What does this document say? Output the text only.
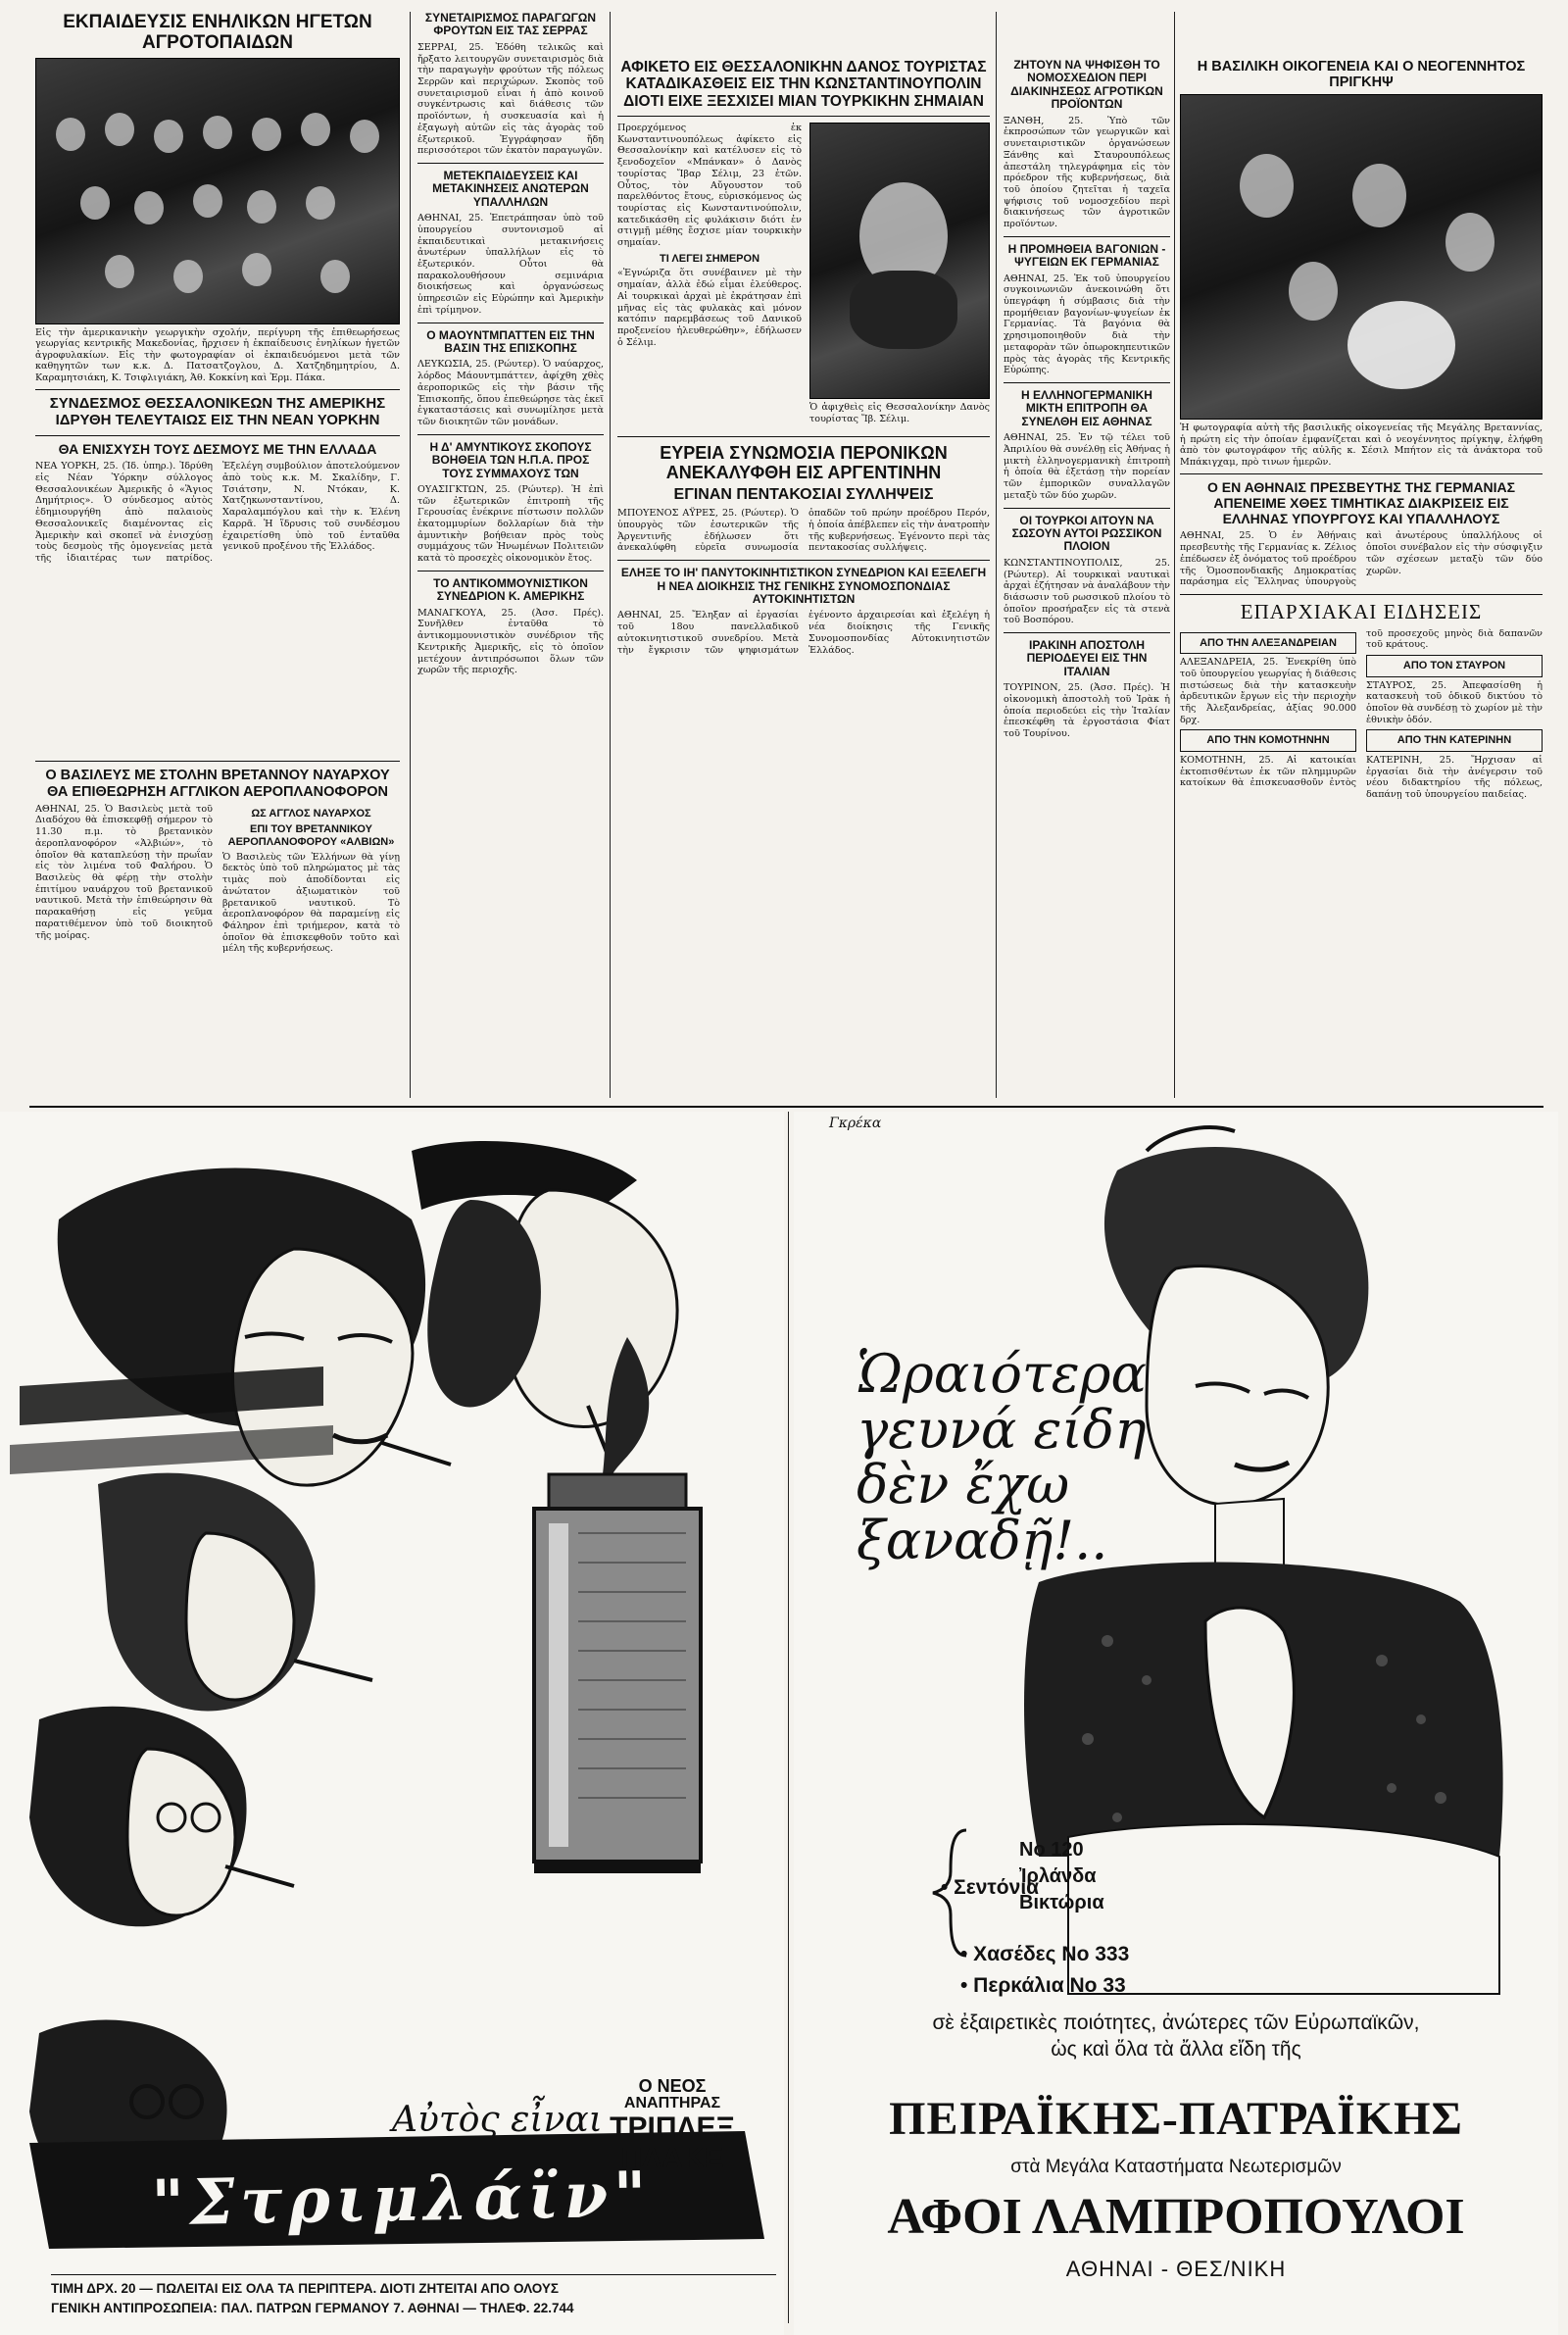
ΕΚΠΑΙΔΕΥΣΙΣ ΕΝΗΛΙΚΩΝ ΗΓΕΤΩΝ ΑΓΡΟΤΟΠΑΙΔΩΝ
Εἰς τὴν ἀμερικανικὴν γεωργικὴν σχολήν, περίγυρη τῆς ἐπιθεωρήσεως γεωργίας κεντρικῆς Μακεδονίας, ἤρχισεν ἡ ἐκπαίδευσις ἐνηλίκων ἠγετῶν ἀγροφυλακίων. Εἰς τὴν φωτογραφίαν οἱ ἐκπαιδευόμενοι μετὰ τῶν καθηγητῶν των κ.κ. Δ. Πατσατζογλου, Δ. Χατζηδημητρίου, Δ. Καραμητσιάκη, Κ. Τσιφλιγιάκη, Ἀθ. Κοκκίνη καὶ Ἑρμ. Πάκα.
ΣΥΝΔΕΣΜΟΣ ΘΕΣΣΑΛΟΝΙΚΕΩΝ ΤΗΣ ΑΜΕΡΙΚΗΣ ΙΔΡΥΘΗ ΤΕΛΕΥΤΑΙΩΣ ΕΙΣ ΤΗΝ ΝΕΑΝ ΥΟΡΚΗΝ
ΘΑ ΕΝΙΣΧΥΣΗ ΤΟΥΣ ΔΕΣΜΟΥΣ ΜΕ ΤΗΝ ΕΛΛΑΔΑ
ΝΕΑ ΥΟΡΚΗ, 25. (Ἰδ. ὑπηρ.). Ἰδρύθη εἰς Νέαν Ὑόρκην σύλλογος Θεσσαλονικέων Ἀμερικῆς ὁ «Ἅγιος Δημήτριος». Ὁ σύνδεσμος αὐτὸς ἐδημιουργήθη ἀπὸ παλαιοὺς Θεσσαλονικεῖς διαμένοντας εἰς Ἀμερικὴν καὶ σκοπεῖ νὰ ἐνισχύσῃ τοὺς δεσμοὺς τῆς ὁμογενείας μετὰ τῆς ἰδιαιτέρας των πατρίδος. Ἐξελέγη συμβούλιον ἀποτελούμενον ἀπὸ τοὺς κ.κ. Μ. Σκαλίδην, Γ. Τσιάτσην, Ν. Ντόκαν, Κ. Χατζηκωνσταντίνου, Δ. Χαραλαμπόγλου καὶ τὴν κ. Ἑλένη Καρρᾶ. Ἡ ἵδρυσις τοῦ συνδέσμου ἐχαιρετίσθη ὑπὸ τοῦ ἐνταῦθα γενικοῦ προξένου τῆς Ἑλλάδος.
Ο ΒΑΣΙΛΕΥΣ ΜΕ ΣΤΟΛΗΝ ΒΡΕΤΑΝΝΟΥ ΝΑΥΑΡΧΟΥ ΘΑ ΕΠΙΘΕΩΡΗΣΗ ΑΓΓΛΙΚΟΝ ΑΕΡΟΠΛΑΝΟΦΟΡΟΝ
ΑΘΗΝΑΙ, 25. Ὁ Βασιλεὺς μετὰ τοῦ Διαδόχου θὰ ἐπισκεφθῇ σήμερον τὸ 11.30 π.μ. τὸ βρετανικὸν ἀεροπλανοφόρον «Ἀλβιών», τὸ ὁποῖον θὰ καταπλεύσῃ τὴν πρωΐαν εἰς τὸν λιμένα τοῦ Φαλήρου. Ὁ Βασιλεὺς θὰ φέρῃ τὴν στολὴν ἐπιτίμου ναυάρχου τοῦ βρετανικοῦ ναυτικοῦ. Μετὰ τὴν ἐπιθεώρησιν θὰ παρακαθήσῃ εἰς γεῦμα παρατιθέμενον ὑπὸ τοῦ διοικητοῦ τῆς μοίρας.
ΩΣ ΑΓΓΛΟΣ ΝΑΥΑΡΧΟΣ
ΕΠΙ ΤΟΥ ΒΡΕΤΑΝΝΙΚΟΥ ΑΕΡΟΠΛΑΝΟΦΟΡΟΥ «ΑΛΒΙΩΝ»
Ὁ Βασιλεὺς τῶν Ἑλλήνων θὰ γίνῃ δεκτὸς ὑπὸ τοῦ πληρώματος μὲ τὰς τιμὰς ποὺ ἀποδίδονται εἰς ἀνώτατον ἀξιωματικὸν τοῦ βρετανικοῦ ναυτικοῦ. Τὸ ἀεροπλανοφόρον θὰ παραμείνῃ εἰς Φάληρον ἐπὶ τριήμερον, κατὰ τὸ ὁποῖον θὰ ἐπισκεφθοῦν τοῦτο καὶ μέλη τῆς κυβερνήσεως.
ΣΥΝΕΤΑΙΡΙΣΜΟΣ ΠΑΡΑΓΩΓΩΝ ΦΡΟΥΤΩΝ ΕΙΣ ΤΑΣ ΣΕΡΡΑΣ
ΣΕΡΡΑΙ, 25. Ἐδόθη τελικῶς καὶ ἤρξατο λειτουργῶν συνεταιρισμὸς διὰ τὴν παραγωγὴν φρούτων τῆς πόλεως Σερρῶν καὶ περιχώρων. Σκοπὸς τοῦ συνεταιρισμοῦ εἶναι ἡ ἀπὸ κοινοῦ συγκέντρωσις καὶ διάθεσις τῶν προϊόντων, ἡ συσκευασία καὶ ἡ ἐξαγωγὴ αὐτῶν εἰς τὰς ἀγορὰς τοῦ ἐξωτερικοῦ. Ἐγγράφησαν ἤδη περισσότεροι τῶν ἑκατὸν παραγωγῶν.
ΜΕΤΕΚΠΑΙΔΕΥΣΕΙΣ ΚΑΙ ΜΕΤΑΚΙΝΗΣΕΙΣ ΑΝΩΤΕΡΩΝ ΥΠΑΛΛΗΛΩΝ
ΑΘΗΝΑΙ, 25. Ἐπετράπησαν ὑπὸ τοῦ ὑπουργείου συντονισμοῦ αἱ ἐκπαιδευτικαὶ μετακινήσεις ἀνωτέρων ὑπαλλήλων εἰς τὸ ἐξωτερικόν. Οὗτοι θὰ παρακολουθήσουν σεμινάρια διοικήσεως καὶ ὀργανώσεως ὑπηρεσιῶν εἰς Εὐρώπην καὶ Ἀμερικὴν ἐπὶ τρίμηνον.
Ο ΜΑΟΥΝΤΜΠΑΤΤΕΝ ΕΙΣ ΤΗΝ ΒΑΣΙΝ ΤΗΣ ΕΠΙΣΚΟΠΗΣ
ΛΕΥΚΩΣΙΑ, 25. (Ρώυτερ). Ὁ ναύαρχος, λόρδος Μάουντμπάττεν, ἀφίχθη χθὲς ἀεροπορικῶς εἰς τὴν βάσιν τῆς Ἐπισκοπῆς, ὅπου ἐπεθεώρησε τὰς ἐκεῖ ἐγκαταστάσεις καὶ συνωμίλησε μετὰ τῶν διοικητῶν τῶν μονάδων.
Η Δ' ΑΜΥΝΤΙΚΟΥΣ ΣΚΟΠΟΥΣ ΒΟΗΘΕΙΑ ΤΩΝ Η.Π.Α. ΠΡΟΣ ΤΟΥΣ ΣΥΜΜΑΧΟΥΣ ΤΩΝ
ΟΥΑΣΙΓΚΤΩΝ, 25. (Ρώυτερ). Ἡ ἐπὶ τῶν ἐξωτερικῶν ἐπιτροπὴ τῆς Γερουσίας ἐνέκρινε πίστωσιν πολλῶν ἑκατομμυρίων δολλαρίων διὰ τὴν ἀμυντικὴν βοήθειαν πρὸς τοὺς συμμάχους τῶν Ἡνωμένων Πολιτειῶν κατὰ τὸ προσεχὲς οἰκονομικὸν ἔτος.
ΤΟ ΑΝΤΙΚΟΜΜΟΥΝΙΣΤΙΚΟΝ ΣΥΝΕΔΡΙΟΝ Κ. ΑΜΕΡΙΚΗΣ
ΜΑΝΑΓΚΟΥΑ, 25. (Ἀσσ. Πρές). Συνῆλθεν ἐνταῦθα τὸ ἀντικομμουνιστικὸν συνέδριον τῆς Κεντρικῆς Ἀμερικῆς, εἰς τὸ ὁποῖον μετέχουν ἀντιπρόσωποι ὅλων τῶν χωρῶν τῆς περιοχῆς.
ΑΦΙΚΕΤΟ ΕΙΣ ΘΕΣΣΑΛΟΝΙΚΗΝ ΔΑΝΟΣ ΤΟΥΡΙΣΤΑΣ ΚΑΤΑΔΙΚΑΣΘΕΙΣ ΕΙΣ ΤΗΝ ΚΩΝΣΤΑΝΤΙΝΟΥΠΟΛΙΝ ΔΙΟΤΙ ΕΙΧΕ ΞΕΣΧΙΣΕΙ ΜΙΑΝ ΤΟΥΡΚΙΚΗΝ ΣΗΜΑΙΑΝ
Προερχόμενος ἐκ Κωνσταντινουπόλεως ἀφίκετο εἰς Θεσσαλονίκην καὶ κατέλυσεν εἰς τὸ ξενοδοχεῖον «Μπάνκαν» ὁ Δανὸς τουρίστας Ἴβαρ Σέλιμ, 23 ἐτῶν. Οὗτος, τὸν Αὔγουστον τοῦ παρελθόντος ἔτους, εὑρισκόμενος ὡς τουρίστας εἰς Κωνσταντινούπολιν, κατεδικάσθη εἰς φυλάκισιν διότι ἐν στιγμῇ μέθης ἔσχισε μίαν τουρκικὴν σημαίαν.
ΤΙ ΛΕΓΕΙ ΣΗΜΕΡΟΝ
«Ἐγνώριζα ὅτι συνέβαινεν μὲ τὴν σημαίαν, ἀλλὰ ἐδώ εἶμαι ἐλεύθερος. Αἱ τουρκικαὶ ἀρχαὶ μὲ ἐκράτησαν ἐπὶ μῆνας εἰς τὰς φυλακὰς καὶ μόνον κατόπιν παρεμβάσεως τοῦ Δανικοῦ προξενείου ἠλευθερώθην», ἐδήλωσεν ὁ Σέλιμ.
Ὁ ἀφιχθεὶς εἰς Θεσσαλονίκην Δανὸς τουρίστας Ἴβ. Σέλιμ.
ΕΥΡΕΙΑ ΣΥΝΩΜΟΣΙΑ ΠΕΡΟΝΙΚΩΝ ΑΝΕΚΑΛΥΦΘΗ ΕΙΣ ΑΡΓΕΝΤΙΝΗΝ
ΕΓΙΝΑΝ ΠΕΝΤΑΚΟΣΙΑΙ ΣΥΛΛΗΨΕΙΣ
ΜΠΟΥΕΝΟΣ ΑΫΡΕΣ, 25. (Ρώυτερ). Ὁ ὑπουργὸς τῶν ἐσωτερικῶν τῆς Ἀργεντινῆς ἐδήλωσεν ὅτι ἀνεκαλύφθη εὐρεῖα συνωμοσία ὀπαδῶν τοῦ πρώην προέδρου Περόν, ἡ ὁποία ἀπέβλεπεν εἰς τὴν ἀνατροπὴν τῆς κυβερνήσεως. Ἐγένοντο περὶ τὰς πεντακοσίας συλλήψεις.
ΕΛΗΞΕ ΤΟ ΙΗ' ΠΑΝΥΤΟΚΙΝΗΤΙΣΤΙΚΟΝ ΣΥΝΕΔΡΙΟΝ ΚΑΙ ΕΞΕΛΕΓΗ Η ΝΕΑ ΔΙΟΙΚΗΣΙΣ ΤΗΣ ΓΕΝΙΚΗΣ ΣΥΝΟΜΟΣΠΟΝΔΙΑΣ ΑΥΤΟΚΙΝΗΤΙΣΤΩΝ
ΑΘΗΝΑΙ, 25. Ἔληξαν αἱ ἐργασίαι τοῦ 18ου πανελλαδικοῦ αὐτοκινητιστικοῦ συνεδρίου. Μετὰ τὴν ἔγκρισιν τῶν ψηφισμάτων ἐγένοντο ἀρχαιρεσίαι καὶ ἐξελέγη ἡ νέα διοίκησις τῆς Γενικῆς Συνομοσπονδίας Αὐτοκινητιστῶν Ἑλλάδος.
ΖΗΤΟΥΝ ΝΑ ΨΗΦΙΣΘΗ ΤΟ ΝΟΜΟΣΧΕΔΙΟΝ ΠΕΡΙ ΔΙΑΚΙΝΗΣΕΩΣ ΑΓΡΟΤΙΚΩΝ ΠΡΟΪΟΝΤΩΝ
ΞΑΝΘΗ, 25. Ὑπὸ τῶν ἐκπροσώπων τῶν γεωργικῶν καὶ συνεταιριστικῶν ὀργανώσεων Ξάνθης καὶ Σταυρουπόλεως ἀπεστάλη τηλεγράφημα εἰς τὸν πρόεδρον τῆς κυβερνήσεως, διὰ τοῦ ὁποίου ζητεῖται ἡ ταχεῖα ψήφισις τοῦ νομοσχεδίου περὶ διακινήσεως τῶν ἀγροτικῶν προϊόντων.
Η ΠΡΟΜΗΘΕΙΑ ΒΑΓΟΝΙΩΝ - ΨΥΓΕΙΩΝ ΕΚ ΓΕΡΜΑΝΙΑΣ
ΑΘΗΝΑΙ, 25. Ἐκ τοῦ ὑπουργείου συγκοινωνιῶν ἀνεκοινώθη ὅτι ὑπεγράφη ἡ σύμβασις διὰ τὴν προμήθειαν βαγονίων-ψυγείων ἐκ Γερμανίας. Τὰ βαγόνια θὰ χρησιμοποιηθοῦν διὰ τὴν μεταφορὰν τῶν ὀπωροκηπευτικῶν πρὸς τὰς ἀγορὰς τῆς Κεντρικῆς Εὐρώπης.
Η ΕΛΛΗΝΟΓΕΡΜΑΝΙΚΗ ΜΙΚΤΗ ΕΠΙΤΡΟΠΗ ΘΑ ΣΥΝΕΛΘΗ ΕΙΣ ΑΘΗΝΑΣ
ΑΘΗΝΑΙ, 25. Ἐν τῷ τέλει τοῦ Ἀπριλίου θὰ συνέλθῃ εἰς Ἀθήνας ἡ μικτὴ ἑλληνογερμανικὴ ἐπιτροπὴ ἡ ὁποία θὰ ἐξετάσῃ τὴν πορείαν τῶν ἐμπορικῶν συναλλαγῶν μεταξὺ τῶν δύο χωρῶν.
ΟΙ ΤΟΥΡΚΟΙ ΑΙΤΟΥΝ ΝΑ ΣΩΣΟΥΝ ΑΥΤΟΙ ΡΩΣΣΙΚΟΝ ΠΛΟΙΟΝ
ΚΩΝΣΤΑΝΤΙΝΟΥΠΟΛΙΣ, 25. (Ρώυτερ). Αἱ τουρκικαὶ ναυτικαὶ ἀρχαὶ ἐζήτησαν νὰ ἀναλάβουν τὴν διάσωσιν τοῦ ρωσσικοῦ πλοίου τὸ ὁποῖον προσήραξεν εἰς τὰ στενὰ τοῦ Βοσπόρου.
ΙΡΑΚΙΝΗ ΑΠΟΣΤΟΛΗ ΠΕΡΙΟΔΕΥΕΙ ΕΙΣ ΤΗΝ ΙΤΑΛΙΑΝ
ΤΟΥΡΙΝΟΝ, 25. (Ἀσσ. Πρές). Ἡ οἰκονομικὴ ἀποστολὴ τοῦ Ἰρὰκ ἡ ὁποία περιοδεύει εἰς τὴν Ἰταλίαν ἐπεσκέφθη τὰ ἐργοστάσια Φίατ τοῦ Τουρίνου.
Η ΒΑΣΙΛΙΚΗ ΟΙΚΟΓΕΝΕΙΑ ΚΑΙ Ο ΝΕΟΓΕΝΝΗΤΟΣ ΠΡΙΓΚΗΨ
Ἡ φωτογραφία αὐτὴ τῆς βασιλικῆς οἰκογενείας τῆς Μεγάλης Βρεταννίας, ἡ πρώτη εἰς τὴν ὁποίαν ἐμφανίζεται καὶ ὁ νεογέννητος πρίγκηψ, ἐλήφθη ἀπὸ τὸν φωτογράφον τῆς αὐλῆς κ. Σέσιλ Μπήτον εἰς τὰ ἀνάκτορα τοῦ Μπάκιγχαμ, πρὸ τινων ἡμερῶν.
Ο ΕΝ ΑΘΗΝΑΙΣ ΠΡΕΣΒΕΥΤΗΣ ΤΗΣ ΓΕΡΜΑΝΙΑΣ ΑΠΕΝΕΙΜΕ ΧΘΕΣ ΤΙΜΗΤΙΚΑΣ ΔΙΑΚΡΙΣΕΙΣ ΕΙΣ ΕΛΛΗΝΑΣ ΥΠΟΥΡΓΟΥΣ ΚΑΙ ΥΠΑΛΛΗΛΟΥΣ
ΑΘΗΝΑΙ, 25. Ὁ ἐν Ἀθήναις πρεσβευτὴς τῆς Γερμανίας κ. Ζέλιος ἐπέδωσεν ἐξ ὀνόματος τοῦ προέδρου τῆς Ὁμοσπονδιακῆς Δημοκρατίας παράσημα εἰς Ἕλληνας ὑπουργοὺς καὶ ἀνωτέρους ὑπαλλήλους οἱ ὁποῖοι συνέβαλον εἰς τὴν σύσφιγξιν τῶν σχέσεων μεταξὺ τῶν δύο χωρῶν.
ΕΠΑΡΧΙΑΚΑΙ ΕΙΔΗΣΕΙΣ
ΑΠΟ ΤΗΝ ΑΛΕΞΑΝΔΡΕΙΑΝ
ΑΛΕΞΑΝΔΡΕΙΑ, 25. Ἐνεκρίθη ὑπὸ τοῦ ὑπουργείου γεωργίας ἡ διάθεσις πιστώσεως διὰ τὴν κατασκευὴν ἀρδευτικῶν ἔργων εἰς τὴν περιοχὴν τῆς Ἀλεξανδρείας, ἀξίας 90.000 δρχ.
ΑΠΟ ΤΗΝ ΚΟΜΟΤΗΝΗΝ
ΚΟΜΟΤΗΝΗ, 25. Αἱ κατοικίαι ἐκτοπισθέντων ἐκ τῶν πλημμυρῶν κατοίκων θὰ ἐπισκευασθοῦν ἐντὸς τοῦ προσεχοῦς μηνὸς διὰ δαπανῶν τοῦ κράτους.
ΑΠΟ ΤΟΝ ΣΤΑΥΡΟΝ
ΣΤΑΥΡΟΣ, 25. Ἀπεφασίσθη ἡ κατασκευὴ τοῦ ὁδικοῦ δικτύου τὸ ὁποῖον θὰ συνδέσῃ τὸ χωρίον μὲ τὴν ἐθνικὴν ὁδόν.
ΑΠΟ ΤΗΝ ΚΑΤΕΡΙΝΗΝ
ΚΑΤΕΡΙΝΗ, 25. Ἤρχισαν αἱ ἐργασίαι διὰ τὴν ἀνέγερσιν τοῦ νέου διδακτηρίου τῆς πόλεως, δαπάνῃ τοῦ ὑπουργείου παιδείας.
Αὐτὸς εἶναι
Ο ΝΕΟΣ
ΑΝΑΠΤΗΡΑΣ
ΤΡΙΠΛΕΞ
ΠΛΑΚΕ
"Στριμλάϊν"
ΤΙΜΗ ΔΡΧ. 20 — ΠΩΛΕΙΤΑΙ ΕΙΣ ΟΛΑ ΤΑ ΠΕΡΙΠΤΕΡΑ. ΔΙΟΤΙ ΖΗΤΕΙΤΑΙ ΑΠΟ ΟΛΟΥΣ
ΓΕΝΙΚΗ ΑΝΤΙΠΡΟΣΩΠΕΙΑ: ΠΑΛ. ΠΑΤΡΩΝ ΓΕΡΜΑΝΟΥ 7. ΑΘΗΝΑΙ — ΤΗΛΕΦ. 22.744
Γκρέκα
Ὡραιότερα
γευνά είδη
δὲν ἔχω
ξαναδῇ!..
• Σεντόνια
Νο 120
Ἰρλάνδα
Βικτώρια
• Χασέδες Νο 333
• Περκάλια Νο 33
σὲ ἐξαιρετικὲς ποιότητες, ἀνώτερες τῶν Εὐρωπαϊκῶν, ὡς καὶ ὅλα τὰ ἄλλα εἴδη τῆς
ΠΕΙΡΑΪΚΗΣ-ΠΑΤΡΑΪΚΗΣ
στὰ Μεγάλα Καταστήματα Νεωτερισμῶν
ΑΦΟΙ ΛΑΜΠΡΟΠΟΥΛΟΙ
ΑΘΗΝΑΙ - ΘΕΣ/ΝΙΚΗ
